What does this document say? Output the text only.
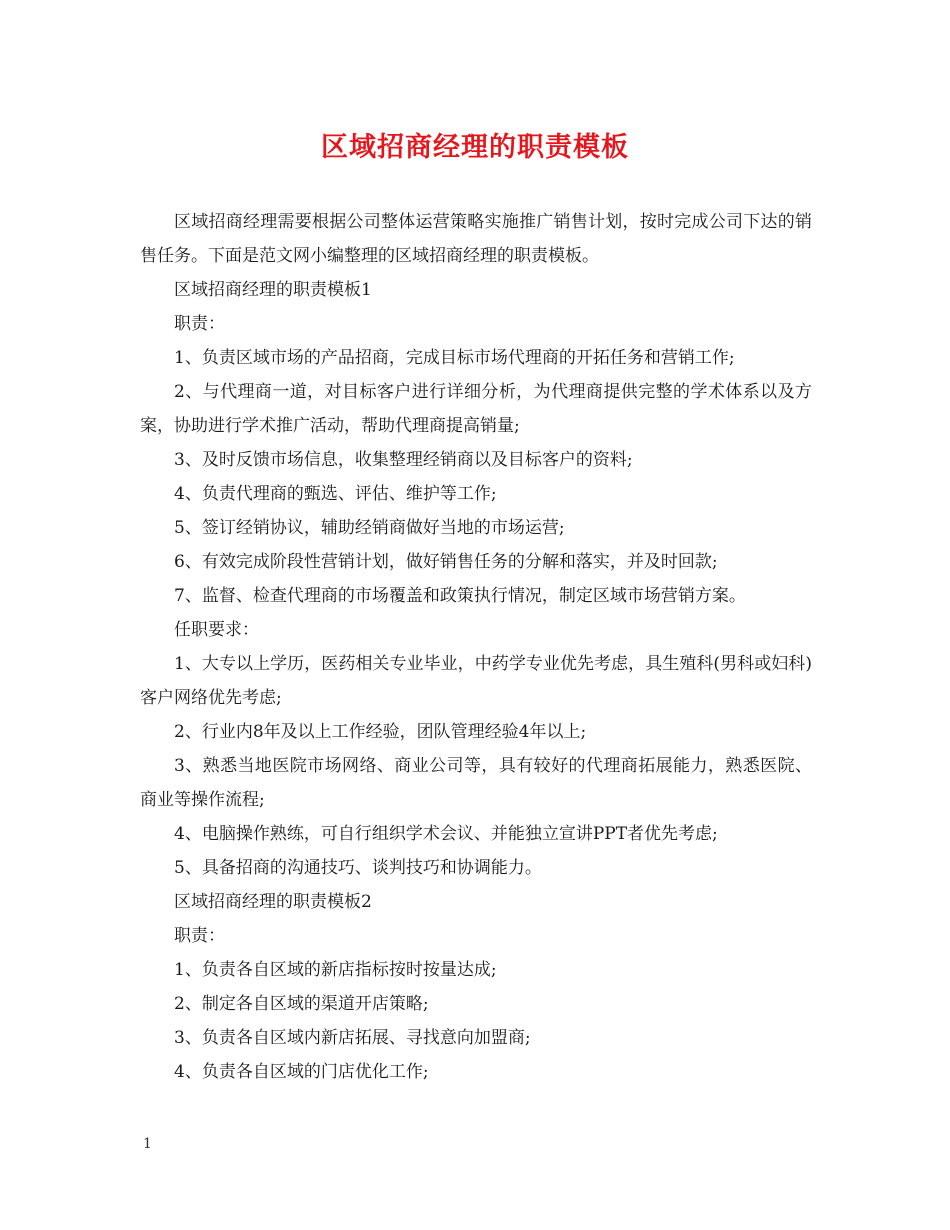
区域招商经理的职责模板

区域招商经理需要根据公司整体运营策略实施推广销售计划，按时完成公司下达的销售任务。下面是范文网小编整理的区域招商经理的职责模板。

区域招商经理的职责模板1

职责：

1、负责区域市场的产品招商，完成目标市场代理商的开拓任务和营销工作;

2、与代理商一道，对目标客户进行详细分析，为代理商提供完整的学术体系以及方案，协助进行学术推广活动，帮助代理商提高销量;

3、及时反馈市场信息，收集整理经销商以及目标客户的资料;

4、负责代理商的甄选、评估、维护等工作;

5、签订经销协议，辅助经销商做好当地的市场运营;

6、有效完成阶段性营销计划，做好销售任务的分解和落实，并及时回款;

7、监督、检查代理商的市场覆盖和政策执行情况，制定区域市场营销方案。

任职要求：

1、大专以上学历，医药相关专业毕业，中药学专业优先考虑，具生殖科(男科或妇科)客户网络优先考虑;

2、行业内8年及以上工作经验，团队管理经验4年以上;

3、熟悉当地医院市场网络、商业公司等，具有较好的代理商拓展能力，熟悉医院、商业等操作流程;

4、电脑操作熟练，可自行组织学术会议、并能独立宣讲PPT者优先考虑;

5、具备招商的沟通技巧、谈判技巧和协调能力。

区域招商经理的职责模板2

职责：

1、负责各自区域的新店指标按时按量达成;

2、制定各自区域的渠道开店策略;

3、负责各自区域内新店拓展、寻找意向加盟商;

4、负责各自区域的门店优化工作;

1
